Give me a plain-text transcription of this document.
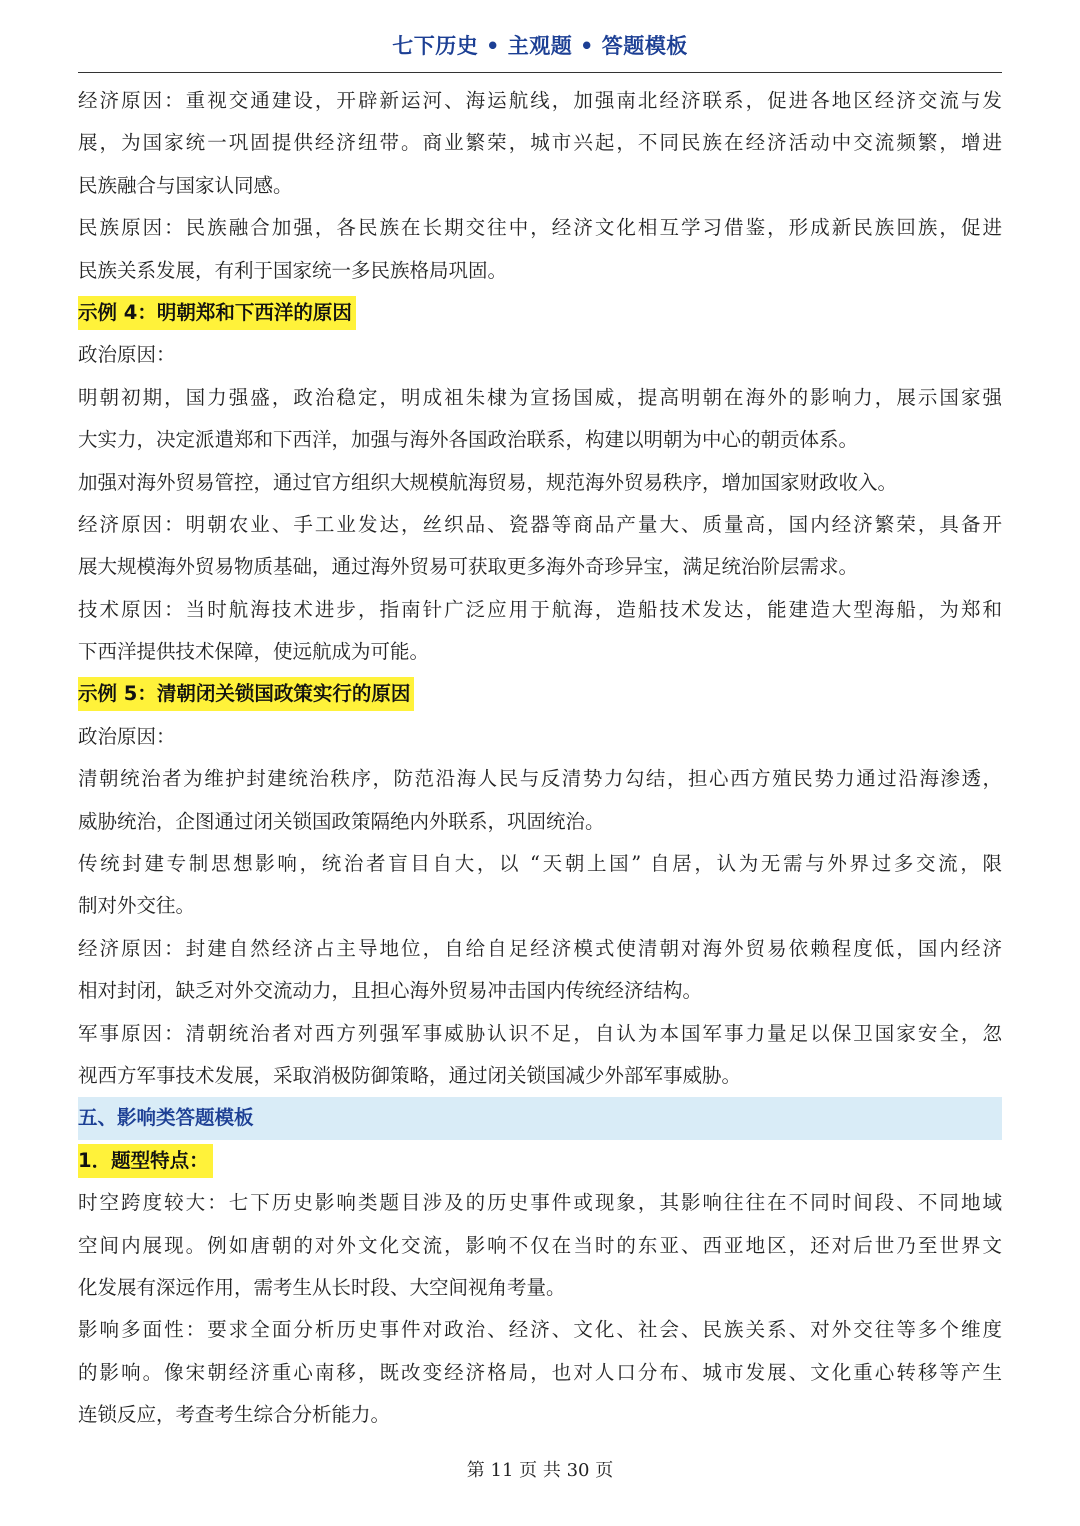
七下历史 • 主观题 • 答题模板
经济原因：重视交通建设，开辟新运河、海运航线，加强南北经济联系，促进各地区经济交流与发
展，为国家统一巩固提供经济纽带。商业繁荣，城市兴起，不同民族在经济活动中交流频繁，增进
民族融合与国家认同感。
民族原因：民族融合加强，各民族在长期交往中，经济文化相互学习借鉴，形成新民族回族，促进
民族关系发展，有利于国家统一多民族格局巩固。
示例 4：明朝郑和下西洋的原因
政治原因：
明朝初期，国力强盛，政治稳定，明成祖朱棣为宣扬国威，提高明朝在海外的影响力，展示国家强
大实力，决定派遣郑和下西洋，加强与海外各国政治联系，构建以明朝为中心的朝贡体系。
加强对海外贸易管控，通过官方组织大规模航海贸易，规范海外贸易秩序，增加国家财政收入。
经济原因：明朝农业、手工业发达，丝织品、瓷器等商品产量大、质量高，国内经济繁荣，具备开
展大规模海外贸易物质基础，通过海外贸易可获取更多海外奇珍异宝，满足统治阶层需求。
技术原因：当时航海技术进步，指南针广泛应用于航海，造船技术发达，能建造大型海船，为郑和
下西洋提供技术保障，使远航成为可能。
示例 5：清朝闭关锁国政策实行的原因
政治原因：
清朝统治者为维护封建统治秩序，防范沿海人民与反清势力勾结，担心西方殖民势力通过沿海渗透，
威胁统治，企图通过闭关锁国政策隔绝内外联系，巩固统治。
传统封建专制思想影响，统治者盲目自大，以 “天朝上国” 自居，认为无需与外界过多交流，限
制对外交往。
经济原因：封建自然经济占主导地位，自给自足经济模式使清朝对海外贸易依赖程度低，国内经济
相对封闭，缺乏对外交流动力，且担心海外贸易冲击国内传统经济结构。
军事原因：清朝统治者对西方列强军事威胁认识不足，自认为本国军事力量足以保卫国家安全，忽
视西方军事技术发展，采取消极防御策略，通过闭关锁国减少外部军事威胁。
五、影响类答题模板
1．题型特点：
时空跨度较大：七下历史影响类题目涉及的历史事件或现象，其影响往往在不同时间段、不同地域
空间内展现。例如唐朝的对外文化交流，影响不仅在当时的东亚、西亚地区，还对后世乃至世界文
化发展有深远作用，需考生从长时段、大空间视角考量。
影响多面性：要求全面分析历史事件对政治、经济、文化、社会、民族关系、对外交往等多个维度
的影响。像宋朝经济重心南移，既改变经济格局，也对人口分布、城市发展、文化重心转移等产生
连锁反应，考查考生综合分析能力。
第 11 页 共 30 页
